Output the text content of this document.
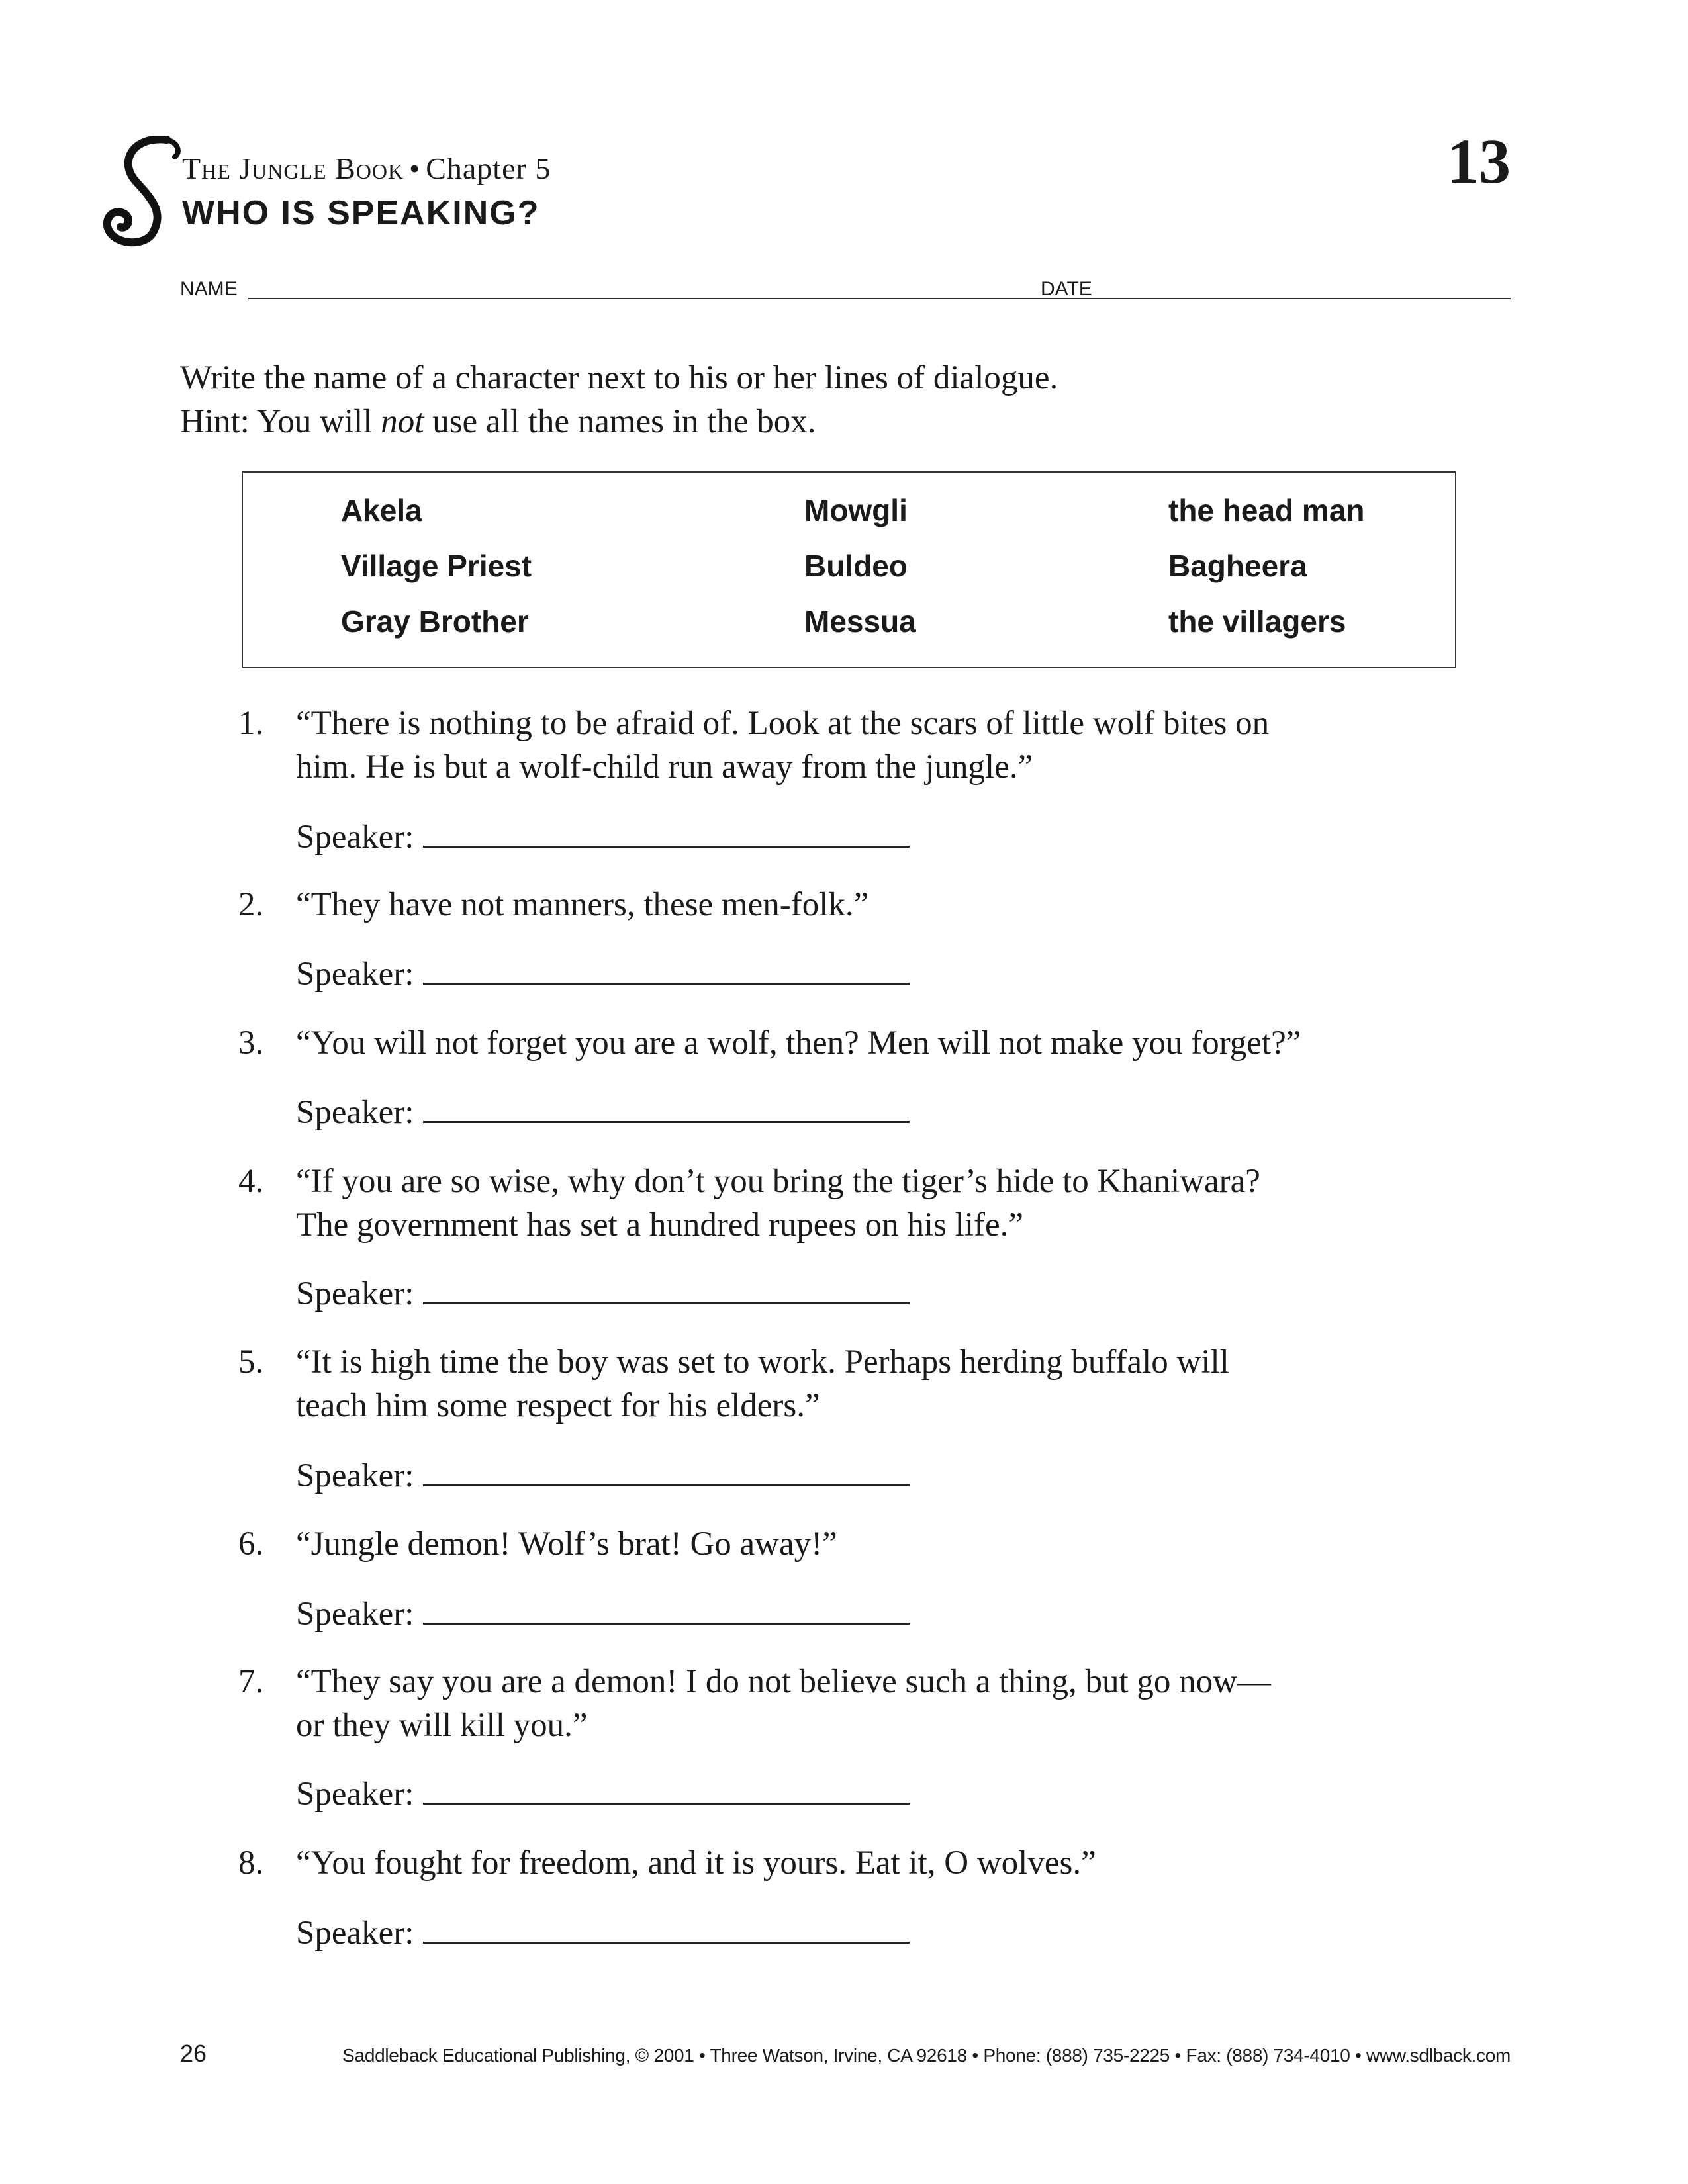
The Jungle Book • Chapter 5
WHO IS SPEAKING?
13
NAME	DATE
Write the name of a character next to his or her lines of dialogue.
Hint: You will not use all the names in the box.
Akela	Mowgli	the head man
Village Priest	Buldeo	Bagheera
Gray Brother	Messua	the villagers
1. “There is nothing to be afraid of. Look at the scars of little wolf bites on
him. He is but a wolf-child run away from the jungle.”
Speaker:
2. “They have not manners, these men-folk.”
Speaker:
3. “You will not forget you are a wolf, then? Men will not make you forget?”
Speaker:
4. “If you are so wise, why don’t you bring the tiger’s hide to Khaniwara?
The government has set a hundred rupees on his life.”
Speaker:
5. “It is high time the boy was set to work. Perhaps herding buffalo will
teach him some respect for his elders.”
Speaker:
6. “Jungle demon! Wolf’s brat! Go away!”
Speaker:
7. “They say you are a demon! I do not believe such a thing, but go now—
or they will kill you.”
Speaker:
8. “You fought for freedom, and it is yours. Eat it, O wolves.”
Speaker:
26	Saddleback Educational Publishing, © 2001 • Three Watson, Irvine, CA 92618 • Phone: (888) 735-2225 • Fax: (888) 734-4010 • www.sdlback.com
